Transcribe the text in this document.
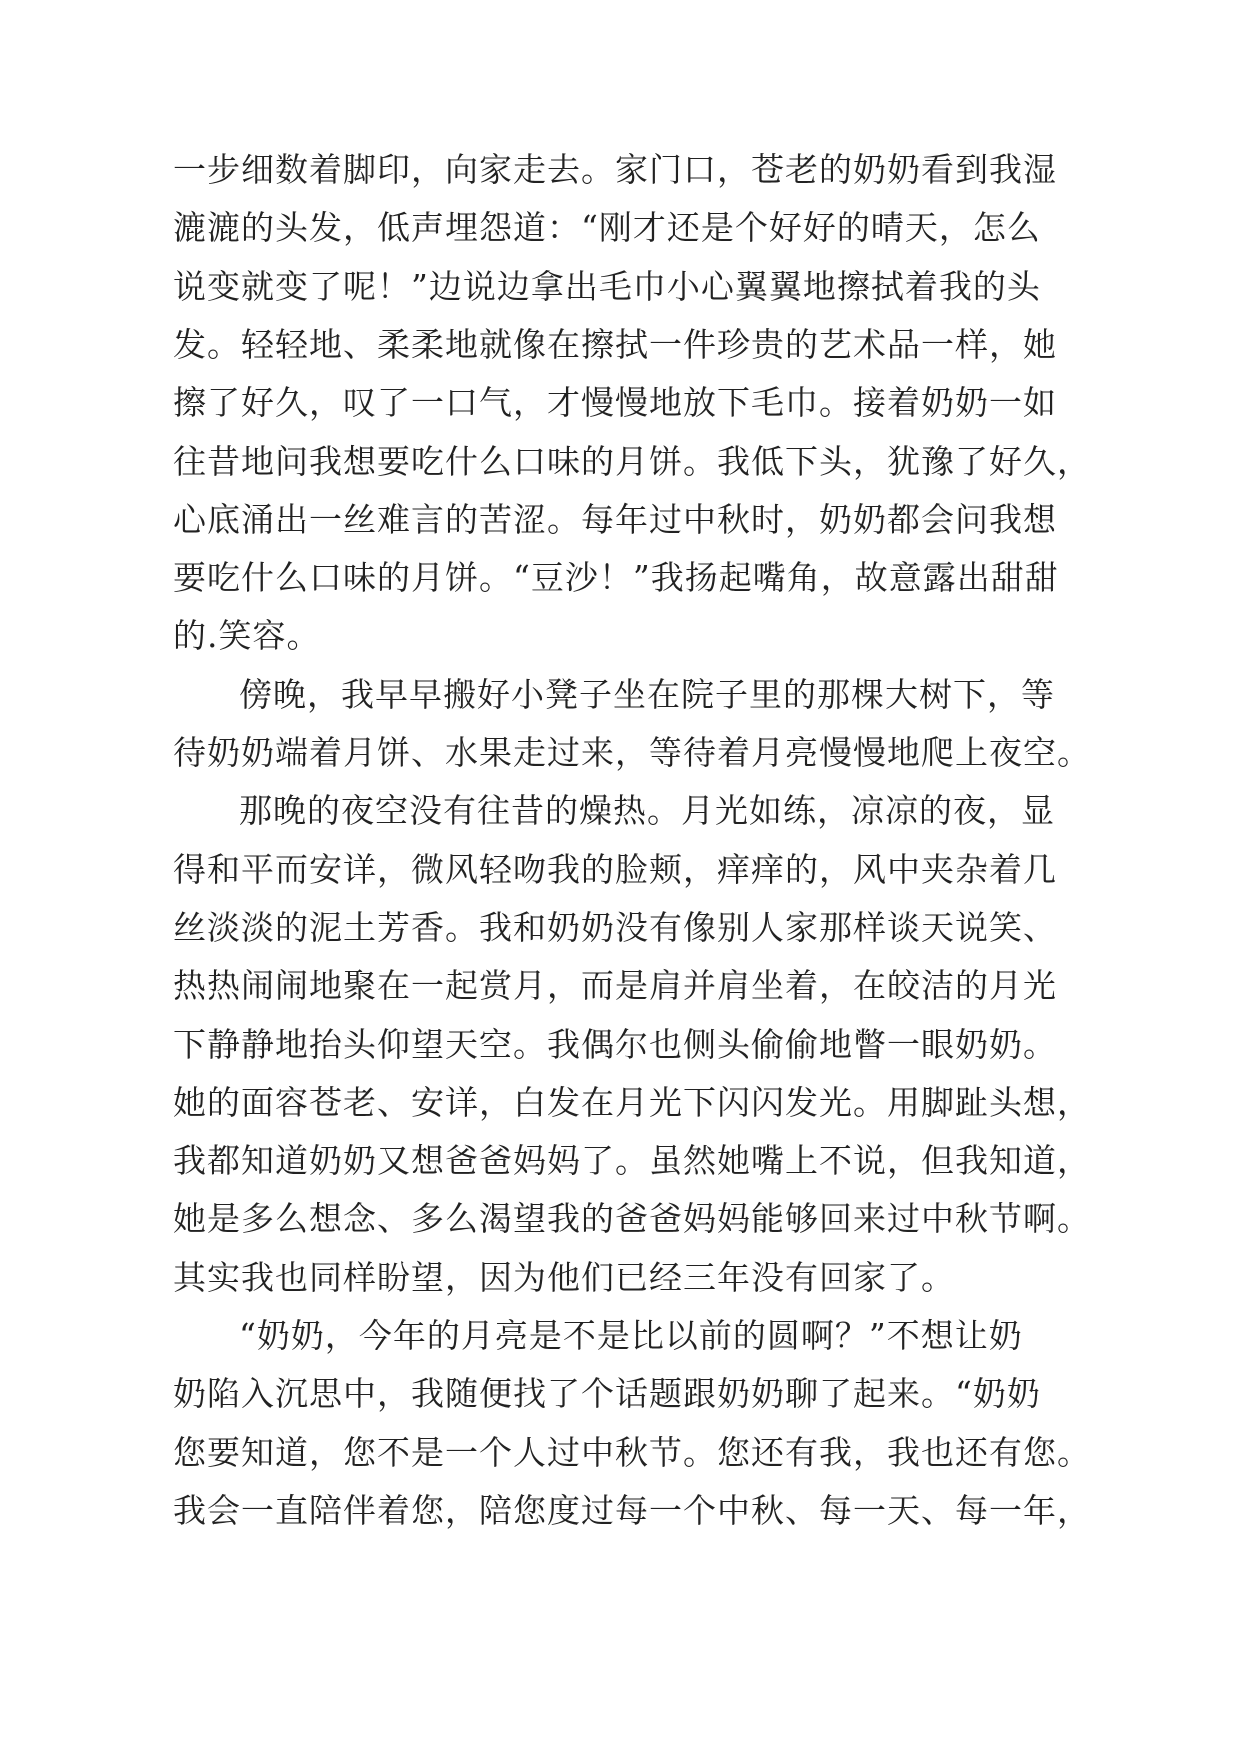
一步细数着脚印，向家走去。家门口，苍老的奶奶看到我湿
漉漉的头发，低声埋怨道：“刚才还是个好好的晴天，怎么
说变就变了呢！”边说边拿出毛巾小心翼翼地擦拭着我的头
发。轻轻地、柔柔地就像在擦拭一件珍贵的艺术品一样，她
擦了好久，叹了一口气，才慢慢地放下毛巾。接着奶奶一如
往昔地问我想要吃什么口味的月饼。我低下头，犹豫了好久，
心底涌出一丝难言的苦涩。每年过中秋时，奶奶都会问我想
要吃什么口味的月饼。“豆沙！”我扬起嘴角，故意露出甜甜
的.笑容。
傍晚，我早早搬好小凳子坐在院子里的那棵大树下，等
待奶奶端着月饼、水果走过来，等待着月亮慢慢地爬上夜空。
那晚的夜空没有往昔的燥热。月光如练，凉凉的夜，显
得和平而安详，微风轻吻我的脸颊，痒痒的，风中夹杂着几
丝淡淡的泥土芳香。我和奶奶没有像别人家那样谈天说笑、
热热闹闹地聚在一起赏月，而是肩并肩坐着，在皎洁的月光
下静静地抬头仰望天空。我偶尔也侧头偷偷地瞥一眼奶奶。
她的面容苍老、安详，白发在月光下闪闪发光。用脚趾头想，
我都知道奶奶又想爸爸妈妈了。虽然她嘴上不说，但我知道，
她是多么想念、多么渴望我的爸爸妈妈能够回来过中秋节啊。
其实我也同样盼望，因为他们已经三年没有回家了。
“奶奶，今年的月亮是不是比以前的圆啊？”不想让奶
奶陷入沉思中，我随便找了个话题跟奶奶聊了起来。“奶奶
您要知道，您不是一个人过中秋节。您还有我，我也还有您。
我会一直陪伴着您，陪您度过每一个中秋、每一天、每一年，
